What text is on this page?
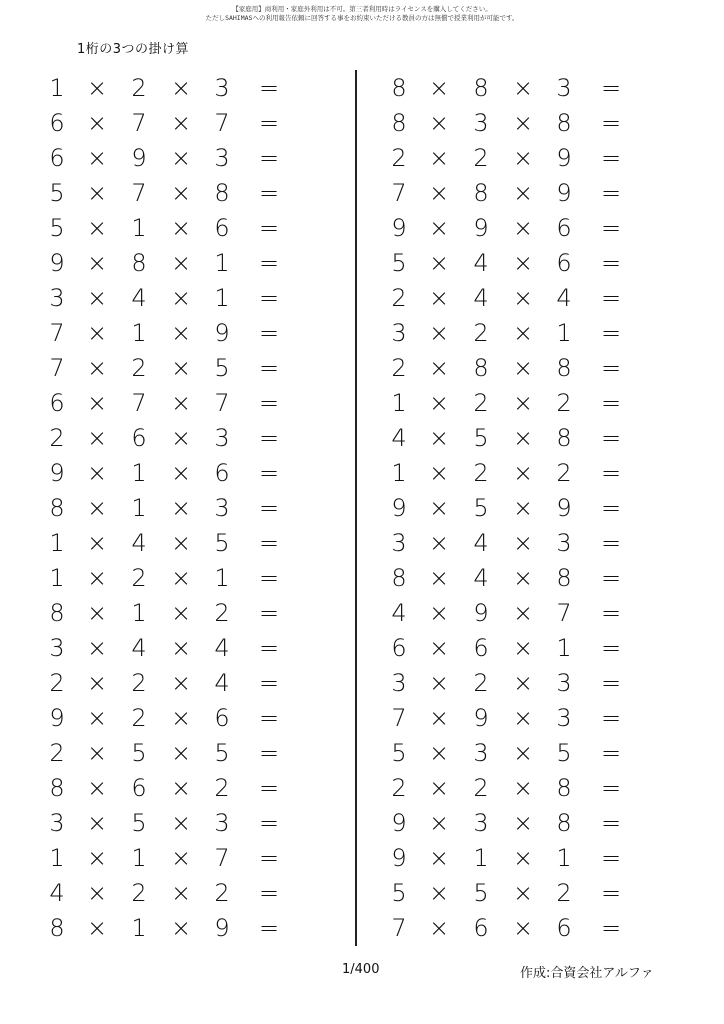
【家庭用】商利用・家庭外利用は不可。第三者利用時はライセンスを購入してください。
ただしSAHIMASへの利用報告依頼に回答する事をお約束いただける教員の方は無償で授業利用が可能です。
1桁の3つの掛け算
1 ×	2	× 3	=
6 ×	7	× 7	=
6 ×	9	× 3	=
5 ×	7	× 8	=
5 ×	1	× 6	=
9 ×	8	× 1	=
3 ×	4	× 1	=
7 ×	1	× 9	=
7 ×	2	× 5	=
6 ×	7	× 7	=
2 ×	6	× 3	=
9 ×	1	× 6	=
8 ×	1	× 3	=
1 ×	4	× 5	=
1 ×	2	× 1	=
8 ×	1	× 2	=
3 ×	4	× 4	=
2 ×	2	× 4	=
9 ×	2	× 6	=
2 ×	5	× 5	=
8 ×	6	× 2	=
3 ×	5	× 3	=
1 ×	1	× 7	=
4 ×	2	× 2	=
8 ×	1	× 9	=
8 ×	8	× 3	=
8 ×	3	× 8	=
2 ×	2	× 9	=
7 ×	8	× 9	=
9 ×	9	× 6	=
5 ×	4	× 6	=
2 ×	4	× 4	=
3 ×	2	× 1	=
2 ×	8	× 8	=
1 ×	2	× 2	=
4 ×	5	× 8	=
1 ×	2	× 2	=
9 ×	5	× 9	=
3 ×	4	× 3	=
8 ×	4	× 8	=
4 ×	9	× 7	=
6 ×	6	× 1	=
3 ×	2	× 3	=
7 ×	9	× 3	=
5 ×	3	× 5	=
2 ×	2	× 8	=
9 ×	3	× 8	=
9 ×	1	× 1	=
5 ×	5	× 2	=
7 ×	6	× 6	=
1/400	作成:合資会社アルファ
